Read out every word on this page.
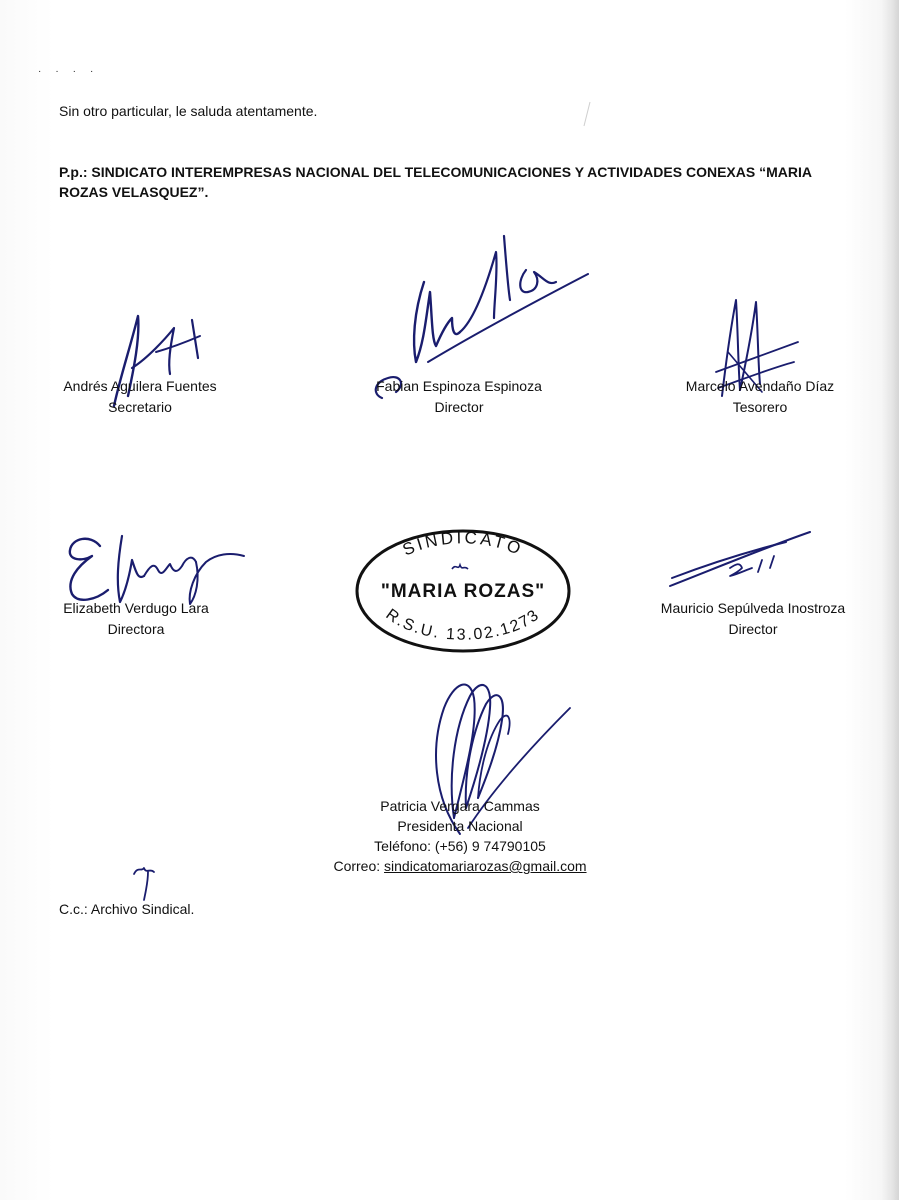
····
Sin otro particular, le saluda atentamente.
P.p.: SINDICATO INTEREMPRESAS NACIONAL DEL TELECOMUNICACIONES Y ACTIVIDADES CONEXAS “MARIA ROZAS VELASQUEZ”.
Andrés Aguilera Fuentes
Secretario
Fabian Espinoza Espinoza
Director
Marcelo Avendaño Díaz
Tesorero
Elizabeth Verdugo Lara
Directora
SINDICATO
"MARIA ROZAS"
R.S.U. 13.02.1273	Mauricio Sepúlveda Inostroza
Director
Patricia Vergara Cammas
Presidenta Nacional
Teléfono: (+56) 9 74790105
Correo: sindicatomariarozas@gmail.com
C.c.: Archivo Sindical.
